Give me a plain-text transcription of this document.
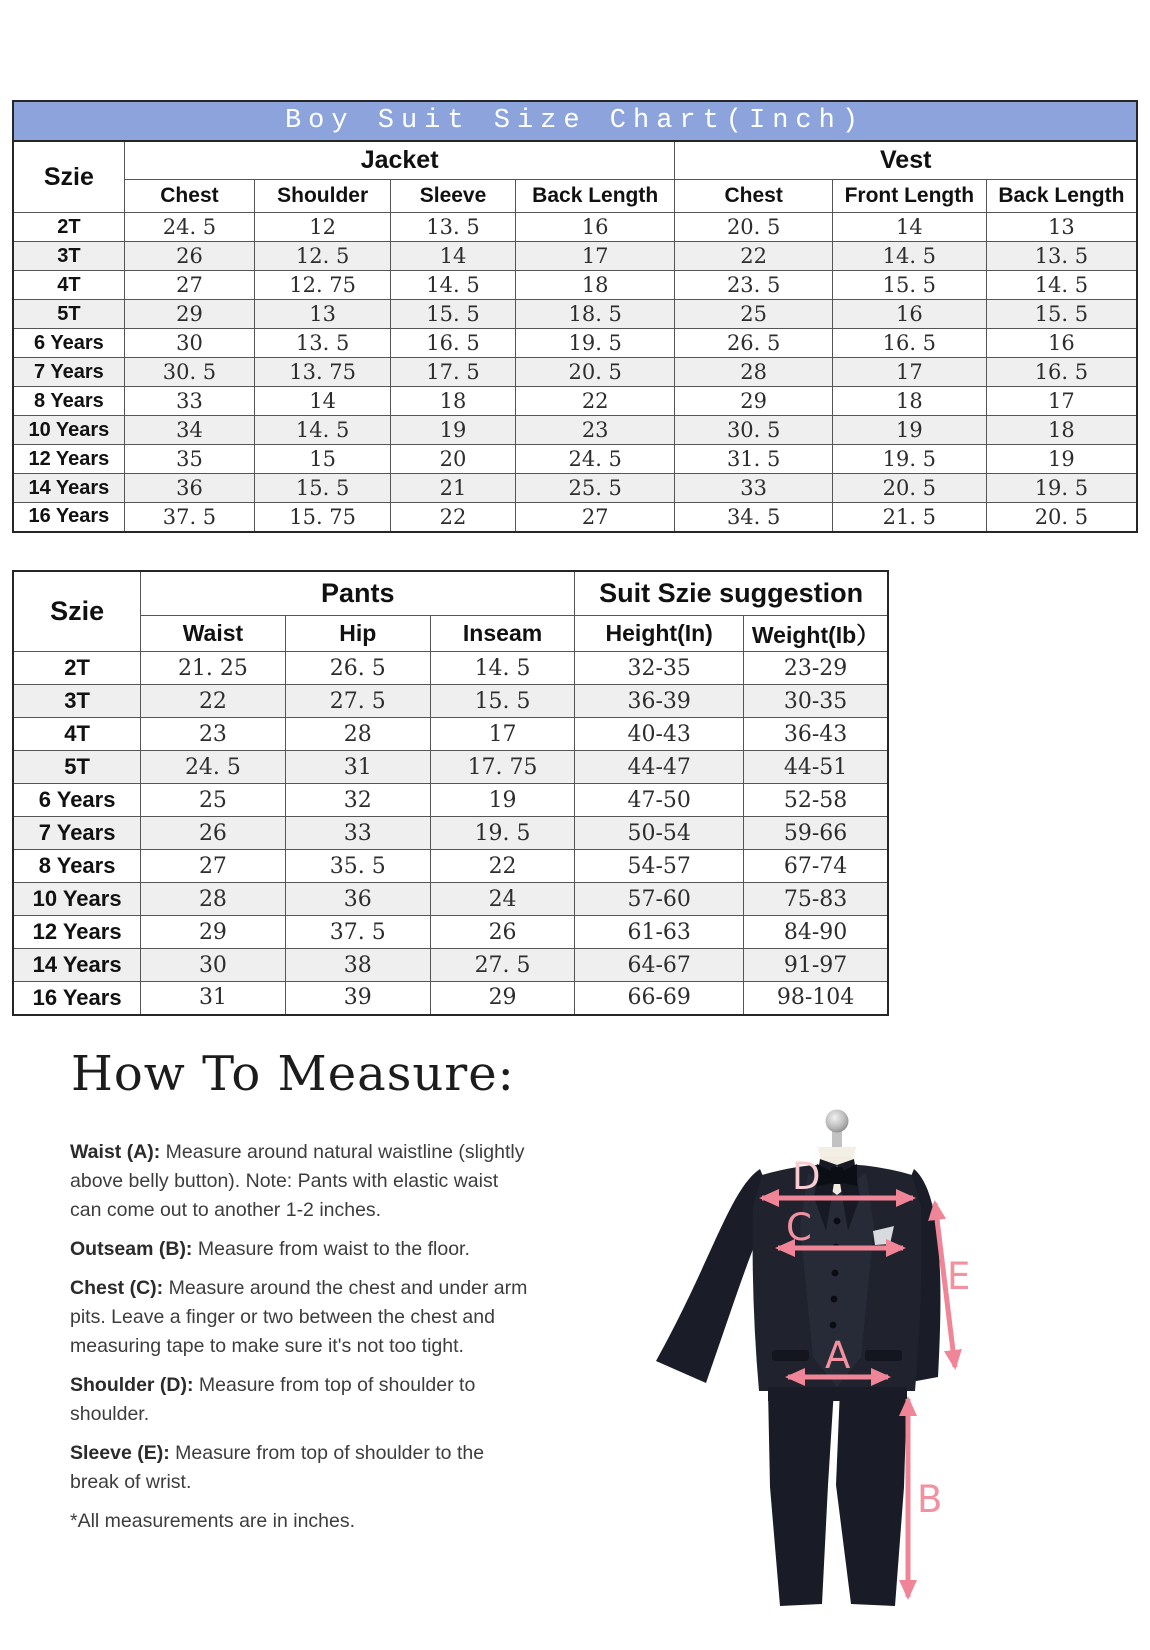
Boy Suit Size Chart(Inch)							
Szie	Jacket				Vest		
	Chest	Shoulder	Sleeve	Back Length	Chest	Front Length	Back Length
2T	24. 5	12	13. 5	16	20. 5	14	13
3T	26	12. 5	14	17	22	14. 5	13. 5
4T	27	12. 75	14. 5	18	23. 5	15. 5	14. 5
5T	29	13	15. 5	18. 5	25	16	15. 5
6 Years	30	13. 5	16. 5	19. 5	26. 5	16. 5	16
7 Years	30. 5	13. 75	17. 5	20. 5	28	17	16. 5
8 Years	33	14	18	22	29	18	17
10 Years	34	14. 5	19	23	30. 5	19	18
12 Years	35	15	20	24. 5	31. 5	19. 5	19
14 Years	36	15. 5	21	25. 5	33	20. 5	19. 5
16 Years	37. 5	15. 75	22	27	34. 5	21. 5	20. 5
Szie	Pants			Suit Szie suggestion	
	Waist	Hip	Inseam	Height(In)	Weight(Ib）
2T	21. 25	26. 5	14. 5	32-35	23-29
3T	22	27. 5	15. 5	36-39	30-35
4T	23	28	17	40-43	36-43
5T	24. 5	31	17. 75	44-47	44-51
6 Years	25	32	19	47-50	52-58
7 Years	26	33	19. 5	50-54	59-66
8 Years	27	35. 5	22	54-57	67-74
10 Years	28	36	24	57-60	75-83
12 Years	29	37. 5	26	61-63	84-90
14 Years	30	38	27. 5	64-67	91-97
16 Years	31	39	29	66-69	98-104
How To Measure:

Waist (A): Measure around natural waistline (slightly above belly button). Note: Pants with elastic waist can come out to another 1-2 inches.

Outseam (B): Measure from waist to the floor.

Chest (C): Measure around the chest and under arm pits. Leave a finger or two between the chest and measuring tape to make sure it's not too tight.

Shoulder (D): Measure from top of shoulder to shoulder.

Sleeve (E): Measure from top of shoulder to the break of wrist.

*All measurements are in inches.

D
C
E
A
B
